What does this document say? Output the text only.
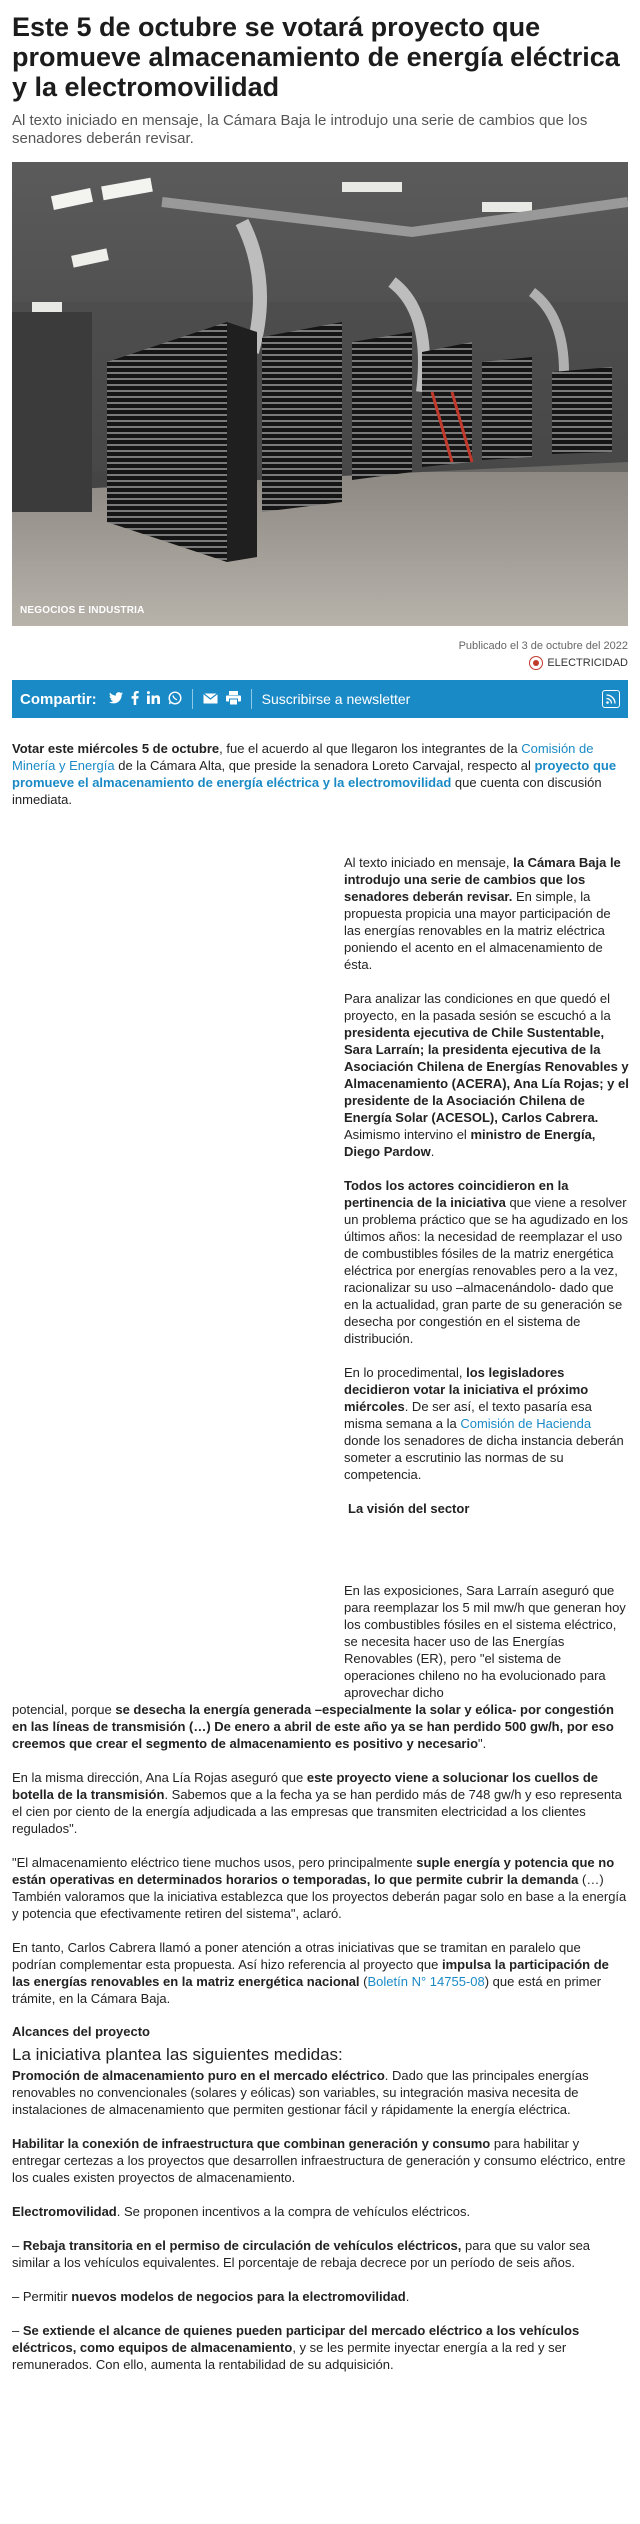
Este 5 de octubre se votará proyecto que promueve almacenamiento de energía eléctrica y la electromovilidad
Al texto iniciado en mensaje, la Cámara Baja le introdujo una serie de cambios que los senadores deberán revisar.
NEGOCIOS E INDUSTRIA
Publicado el 3 de octubre del 2022
ELECTRICIDAD
Compartir:	Suscribirse a newsletter

Votar este miércoles 5 de octubre, fue el acuerdo al que llegaron los integrantes de la Comisión de Minería y Energía de la Cámara Alta, que preside la senadora Loreto Carvajal, respecto al proyecto que promueve el almacenamiento de energía eléctrica y la electromovilidad que cuenta con discusión inmediata.

Al texto iniciado en mensaje, la Cámara Baja le introdujo una serie de cambios que los senadores deberán revisar. En simple, la propuesta propicia una mayor participación de las energías renovables en la matriz eléctrica poniendo el acento en el almacenamiento de ésta.

Para analizar las condiciones en que quedó el proyecto, en la pasada sesión se escuchó a la presidenta ejecutiva de Chile Sustentable, Sara Larraín; la presidenta ejecutiva de la Asociación Chilena de Energías Renovables y Almacenamiento (ACERA), Ana Lía Rojas; y el presidente de la Asociación Chilena de Energía Solar (ACESOL), Carlos Cabrera. Asimismo intervino el ministro de Energía, Diego Pardow.

Todos los actores coincidieron en la pertinencia de la iniciativa que viene a resolver un problema práctico que se ha agudizado en los últimos años: la necesidad de reemplazar el uso de combustibles fósiles de la matriz energética eléctrica por energías renovables pero a la vez, racionalizar su uso –almacenándolo- dado que en la actualidad, gran parte de su generación se desecha por congestión en el sistema de distribución.

En lo procedimental, los legisladores decidieron votar la iniciativa el próximo miércoles. De ser así, el texto pasaría esa misma semana a la Comisión de Hacienda donde los senadores de dicha instancia deberán someter a escrutinio las normas de su competencia.

La visión del sector

En las exposiciones, Sara Larraín aseguró que para reemplazar los 5 mil mw/h que generan hoy los combustibles fósiles en el sistema eléctrico, se necesita hacer uso de las Energías Renovables (ER), pero "el sistema de operaciones chileno no ha evolucionado para aprovechar dicho

potencial, porque se desecha la energía generada –especialmente la solar y eólica- por congestión en las líneas de transmisión (…) De enero a abril de este año ya se han perdido 500 gw/h, por eso creemos que crear el segmento de almacenamiento es positivo y necesario".

En la misma dirección, Ana Lía Rojas aseguró que este proyecto viene a solucionar los cuellos de botella de la transmisión. Sabemos que a la fecha ya se han perdido más de 748 gw/h y eso representa el cien por ciento de la energía adjudicada a las empresas que transmiten electricidad a los clientes regulados".

"El almacenamiento eléctrico tiene muchos usos, pero principalmente suple energía y potencia que no están operativas en determinados horarios o temporadas, lo que permite cubrir la demanda (…) También valoramos que la iniciativa establezca que los proyectos deberán pagar solo en base a la energía y potencia que efectivamente retiren del sistema", aclaró.

En tanto, Carlos Cabrera llamó a poner atención a otras iniciativas que se tramitan en paralelo que podrían complementar esta propuesta. Así hizo referencia al proyecto que impulsa la participación de las energías renovables en la matriz energética nacional (Boletín N° 14755-08) que está en primer trámite, en la Cámara Baja.

Alcances del proyecto
La iniciativa plantea las siguientes medidas:

Promoción de almacenamiento puro en el mercado eléctrico. Dado que las principales energías renovables no convencionales (solares y eólicas) son variables, su integración masiva necesita de instalaciones de almacenamiento que permiten gestionar fácil y rápidamente la energía eléctrica.

Habilitar la conexión de infraestructura que combinan generación y consumo para habilitar y entregar certezas a los proyectos que desarrollen infraestructura de generación y consumo eléctrico, entre los cuales existen proyectos de almacenamiento.

Electromovilidad. Se proponen incentivos a la compra de vehículos eléctricos.

– Rebaja transitoria en el permiso de circulación de vehículos eléctricos, para que su valor sea similar a los vehículos equivalentes. El porcentaje de rebaja decrece por un período de seis años.

– Permitir nuevos modelos de negocios para la electromovilidad.

– Se extiende el alcance de quienes pueden participar del mercado eléctrico a los vehículos eléctricos, como equipos de almacenamiento, y se les permite inyectar energía a la red y ser remunerados. Con ello, aumenta la rentabilidad de su adquisición.
